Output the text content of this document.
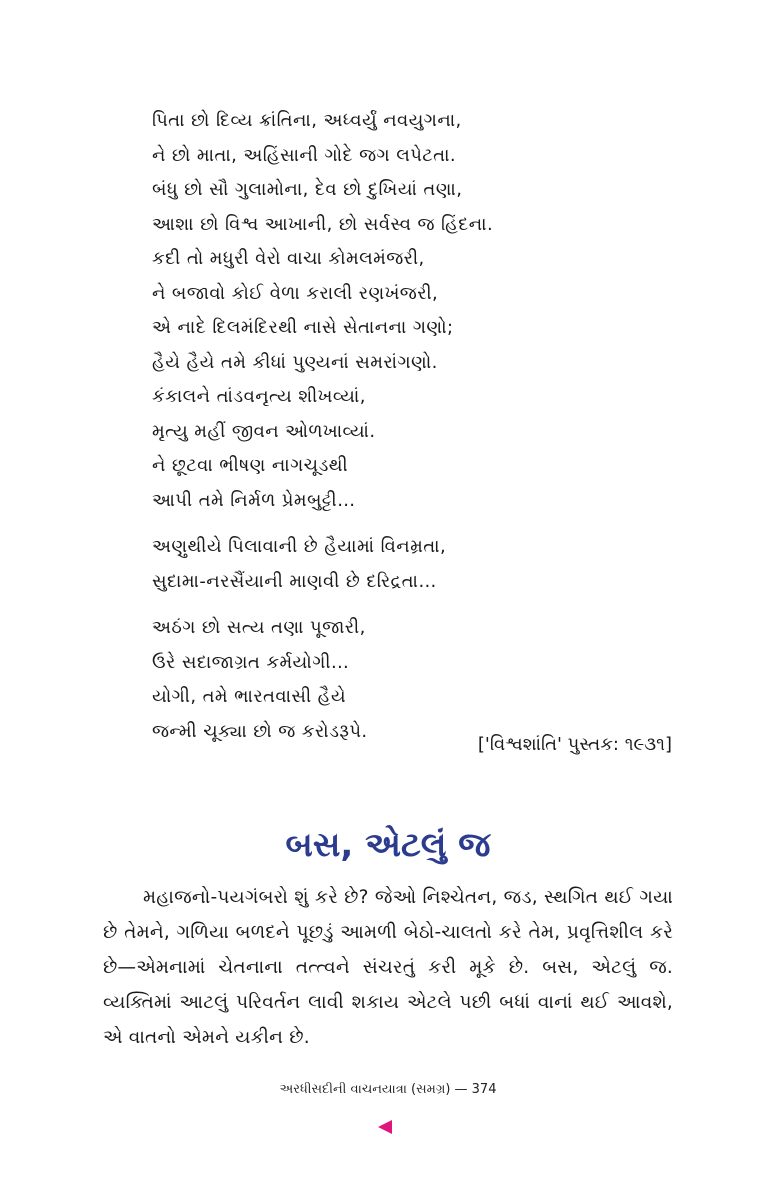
પિતા છો દિવ્ય ક્રાંતિના, અધ્વર્યું નવયુગના,
ને છો માતા, અહિંસાની ગોદે જગ લપેટતા.
બંધુ છો સૌ ગુલામોના, દેવ છો દુખિયાં તણા,
આશા છો વિશ્વ આખાની, છો સર્વસ્વ જ હિંદના.
કદી તો મધુરી વેરો વાચા કોમલમંજરી,
ને બજાવો કોઈ વેળા કરાલી રણખંજરી,
એ નાદે દિલમંદિરથી નાસે સેતાનના ગણો;
હૈયે હૈયે તમે કીધાં પુણ્યનાં સમરાંગણો.
કંકાલને તાંડવનૃત્ય શીખવ્યાં,
મૃત્યુ મહીં જીવન ઓળખાવ્યાં.
ને છૂટવા ભીષણ નાગચૂડથી
આપી તમે નિર્મળ પ્રેમબુટ્ટી…
અણુથીયે પિલાવાની છે હૈયામાં વિનમ્રતા,
સુદામા-નરસૈંયાની માણવી છે દરિદ્રતા…
અઠંગ છો સત્ય તણા પૂજારી,
ઉરે સદાજાગ્રત કર્મયોગી…
યોગી, તમે ભારતવાસી હૈયે
જન્મી ચૂક્યા છો જ કરોડરૂપે.
['વિશ્વશાંતિ' પુસ્તક: ૧૯૩૧]
બસ, એટલું જ

મહાજનો-પયગંબરો શું કરે છે? જેઓ નિશ્ચેતન, જડ, સ્થગિત થઈ ગયા છે તેમને, ગળિયા બળદને પૂછડું આમળી બેઠો-ચાલતો કરે તેમ, પ્રવૃત્તિશીલ કરે છે—એમનામાં ચેતનાના તત્ત્વને સંચરતું કરી મૂકે છે. બસ, એટલું જ. વ્યક્તિમાં આટલું પરિવર્તન લાવી શકાય એટલે પછી બધાં વાનાં થઈ આવશે, એ વાતનો એમને યકીન છે.

અરધીસદીની વાચનયાત્રા (સમગ્ર) — 374
